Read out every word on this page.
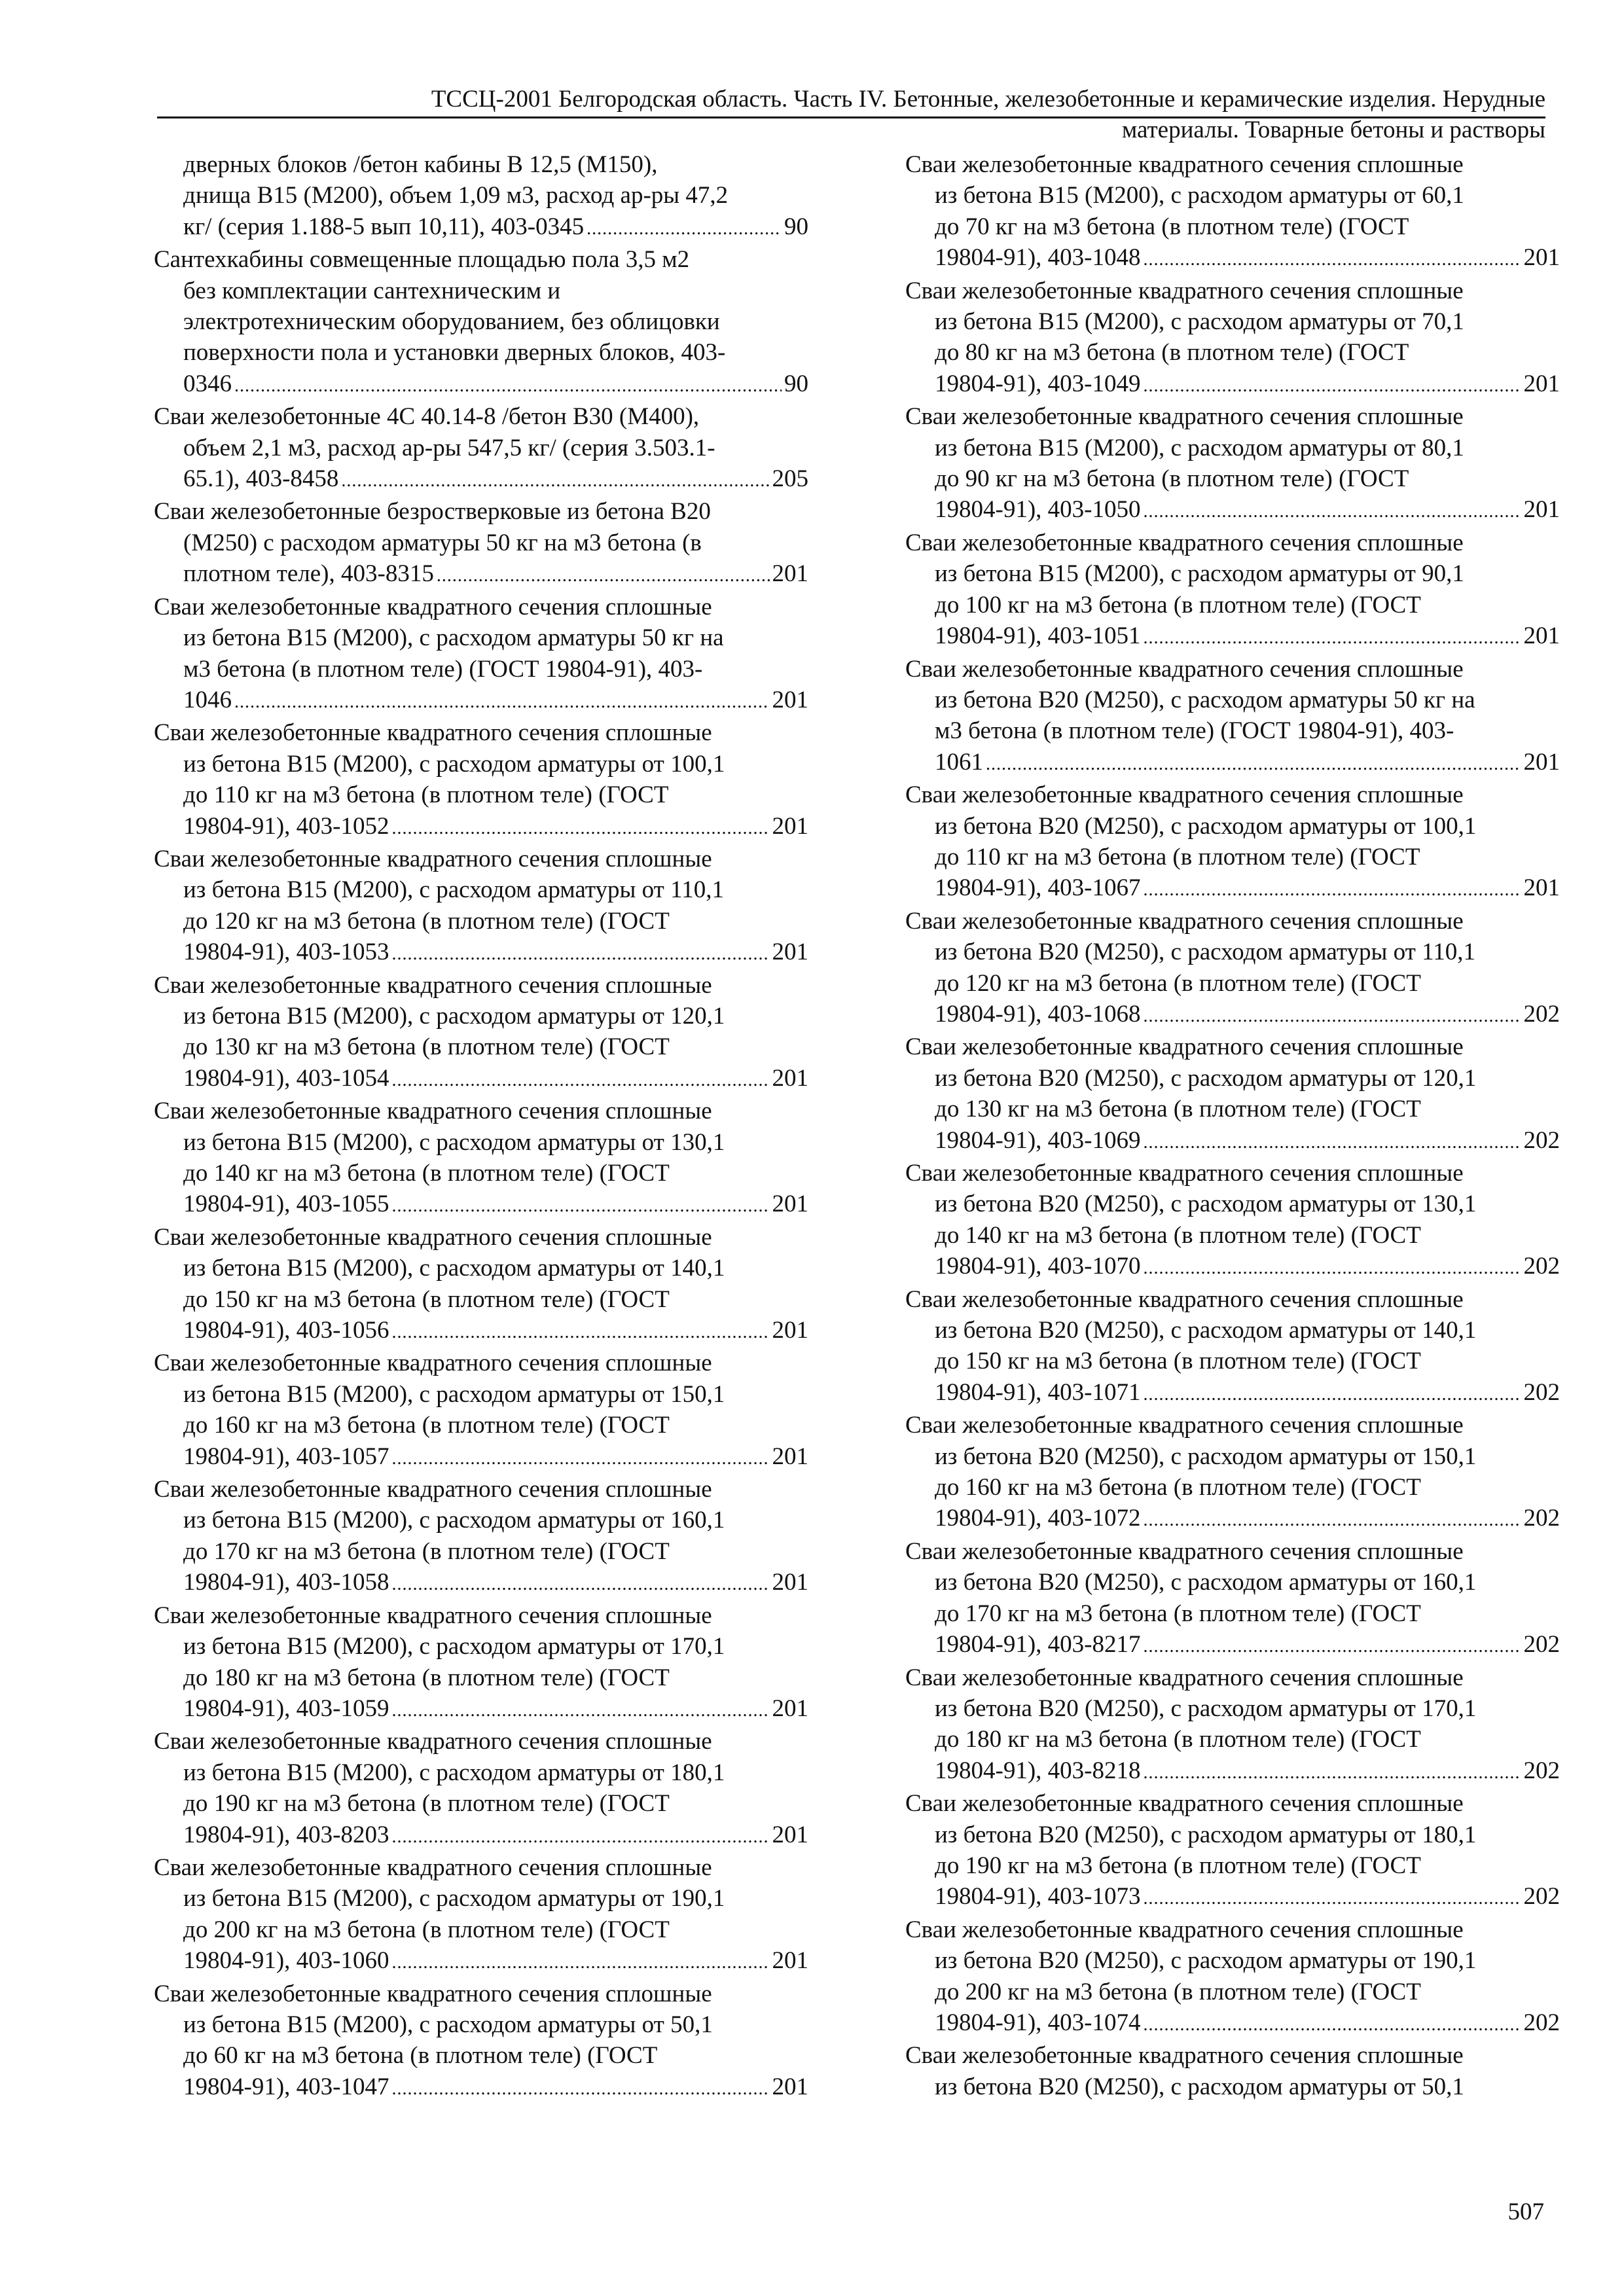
ТССЦ-2001 Белгородская область. Часть IV. Бетонные, железобетонные и керамические изделия. Нерудные
материалы. Товарные бетоны и растворы
дверных блоков /бетон кабины В 12,5 (М150),
днища В15 (М200), объем 1,09 м3, расход ар-ры 47,2
кг/ (серия 1.188-5 вып 10,11), 403-0345 . . .	90
Сантехкабины совмещенные площадью пола 3,5 м2
без комплектации сантехническим и
электротехническим оборудованием, без облицовки
поверхности пола и установки дверных блоков, 403-
0346 . . .	90
Сваи железобетонные 4С 40.14-8 /бетон В30 (М400),
объем 2,1 м3, расход ар-ры 547,5 кг/ (серия 3.503.1-
65.1), 403-8458 . . .	205
Сваи железобетонные безростверковые из бетона В20
(М250) с расходом арматуры 50 кг на м3 бетона (в
плотном теле), 403-8315 . . .	201
Сваи железобетонные квадратного сечения сплошные
из бетона В15 (М200), с расходом арматуры 50 кг на
м3 бетона (в плотном теле) (ГОСТ 19804-91), 403-
1046 . . .	201
Сваи железобетонные квадратного сечения сплошные
из бетона В15 (М200), с расходом арматуры от 100,1
до 110 кг на м3 бетона (в плотном теле) (ГОСТ
19804-91), 403-1052 . . .	201
Сваи железобетонные квадратного сечения сплошные
из бетона В15 (М200), с расходом арматуры от 110,1
до 120 кг на м3 бетона (в плотном теле) (ГОСТ
19804-91), 403-1053 . . .	201
Сваи железобетонные квадратного сечения сплошные
из бетона В15 (М200), с расходом арматуры от 120,1
до 130 кг на м3 бетона (в плотном теле) (ГОСТ
19804-91), 403-1054 . . .	201
Сваи железобетонные квадратного сечения сплошные
из бетона В15 (М200), с расходом арматуры от 130,1
до 140 кг на м3 бетона (в плотном теле) (ГОСТ
19804-91), 403-1055 . . .	201
Сваи железобетонные квадратного сечения сплошные
из бетона В15 (М200), с расходом арматуры от 140,1
до 150 кг на м3 бетона (в плотном теле) (ГОСТ
19804-91), 403-1056 . . .	201
Сваи железобетонные квадратного сечения сплошные
из бетона В15 (М200), с расходом арматуры от 150,1
до 160 кг на м3 бетона (в плотном теле) (ГОСТ
19804-91), 403-1057 . . .	201
Сваи железобетонные квадратного сечения сплошные
из бетона В15 (М200), с расходом арматуры от 160,1
до 170 кг на м3 бетона (в плотном теле) (ГОСТ
19804-91), 403-1058 . . .	201
Сваи железобетонные квадратного сечения сплошные
из бетона В15 (М200), с расходом арматуры от 170,1
до 180 кг на м3 бетона (в плотном теле) (ГОСТ
19804-91), 403-1059 . . .	201
Сваи железобетонные квадратного сечения сплошные
из бетона В15 (М200), с расходом арматуры от 180,1
до 190 кг на м3 бетона (в плотном теле) (ГОСТ
19804-91), 403-8203 . . .	201
Сваи железобетонные квадратного сечения сплошные
из бетона В15 (М200), с расходом арматуры от 190,1
до 200 кг на м3 бетона (в плотном теле) (ГОСТ
19804-91), 403-1060 . . .	201
Сваи железобетонные квадратного сечения сплошные
из бетона В15 (М200), с расходом арматуры от 50,1
до 60 кг на м3 бетона (в плотном теле) (ГОСТ
19804-91), 403-1047 . . .	201
Сваи железобетонные квадратного сечения сплошные
из бетона В15 (М200), с расходом арматуры от 60,1
до 70 кг на м3 бетона (в плотном теле) (ГОСТ
19804-91), 403-1048 . . .	201
Сваи железобетонные квадратного сечения сплошные
из бетона В15 (М200), с расходом арматуры от 70,1
до 80 кг на м3 бетона (в плотном теле) (ГОСТ
19804-91), 403-1049 . . .	201
Сваи железобетонные квадратного сечения сплошные
из бетона В15 (М200), с расходом арматуры от 80,1
до 90 кг на м3 бетона (в плотном теле) (ГОСТ
19804-91), 403-1050 . . .	201
Сваи железобетонные квадратного сечения сплошные
из бетона В15 (М200), с расходом арматуры от 90,1
до 100 кг на м3 бетона (в плотном теле) (ГОСТ
19804-91), 403-1051 . . .	201
Сваи железобетонные квадратного сечения сплошные
из бетона В20 (М250), с расходом арматуры 50 кг на
м3 бетона (в плотном теле) (ГОСТ 19804-91), 403-
1061 . . .	201
Сваи железобетонные квадратного сечения сплошные
из бетона В20 (М250), с расходом арматуры от 100,1
до 110 кг на м3 бетона (в плотном теле) (ГОСТ
19804-91), 403-1067 . . .	201
Сваи железобетонные квадратного сечения сплошные
из бетона В20 (М250), с расходом арматуры от 110,1
до 120 кг на м3 бетона (в плотном теле) (ГОСТ
19804-91), 403-1068 . . .	202
Сваи железобетонные квадратного сечения сплошные
из бетона В20 (М250), с расходом арматуры от 120,1
до 130 кг на м3 бетона (в плотном теле) (ГОСТ
19804-91), 403-1069 . . .	202
Сваи железобетонные квадратного сечения сплошные
из бетона В20 (М250), с расходом арматуры от 130,1
до 140 кг на м3 бетона (в плотном теле) (ГОСТ
19804-91), 403-1070 . . .	202
Сваи железобетонные квадратного сечения сплошные
из бетона В20 (М250), с расходом арматуры от 140,1
до 150 кг на м3 бетона (в плотном теле) (ГОСТ
19804-91), 403-1071 . . .	202
Сваи железобетонные квадратного сечения сплошные
из бетона В20 (М250), с расходом арматуры от 150,1
до 160 кг на м3 бетона (в плотном теле) (ГОСТ
19804-91), 403-1072 . . .	202
Сваи железобетонные квадратного сечения сплошные
из бетона В20 (М250), с расходом арматуры от 160,1
до 170 кг на м3 бетона (в плотном теле) (ГОСТ
19804-91), 403-8217 . . .	202
Сваи железобетонные квадратного сечения сплошные
из бетона В20 (М250), с расходом арматуры от 170,1
до 180 кг на м3 бетона (в плотном теле) (ГОСТ
19804-91), 403-8218 . . .	202
Сваи железобетонные квадратного сечения сплошные
из бетона В20 (М250), с расходом арматуры от 180,1
до 190 кг на м3 бетона (в плотном теле) (ГОСТ
19804-91), 403-1073 . . .	202
Сваи железобетонные квадратного сечения сплошные
из бетона В20 (М250), с расходом арматуры от 190,1
до 200 кг на м3 бетона (в плотном теле) (ГОСТ
19804-91), 403-1074 . . .	202
Сваи железобетонные квадратного сечения сплошные
из бетона В20 (М250), с расходом арматуры от 50,1
507
